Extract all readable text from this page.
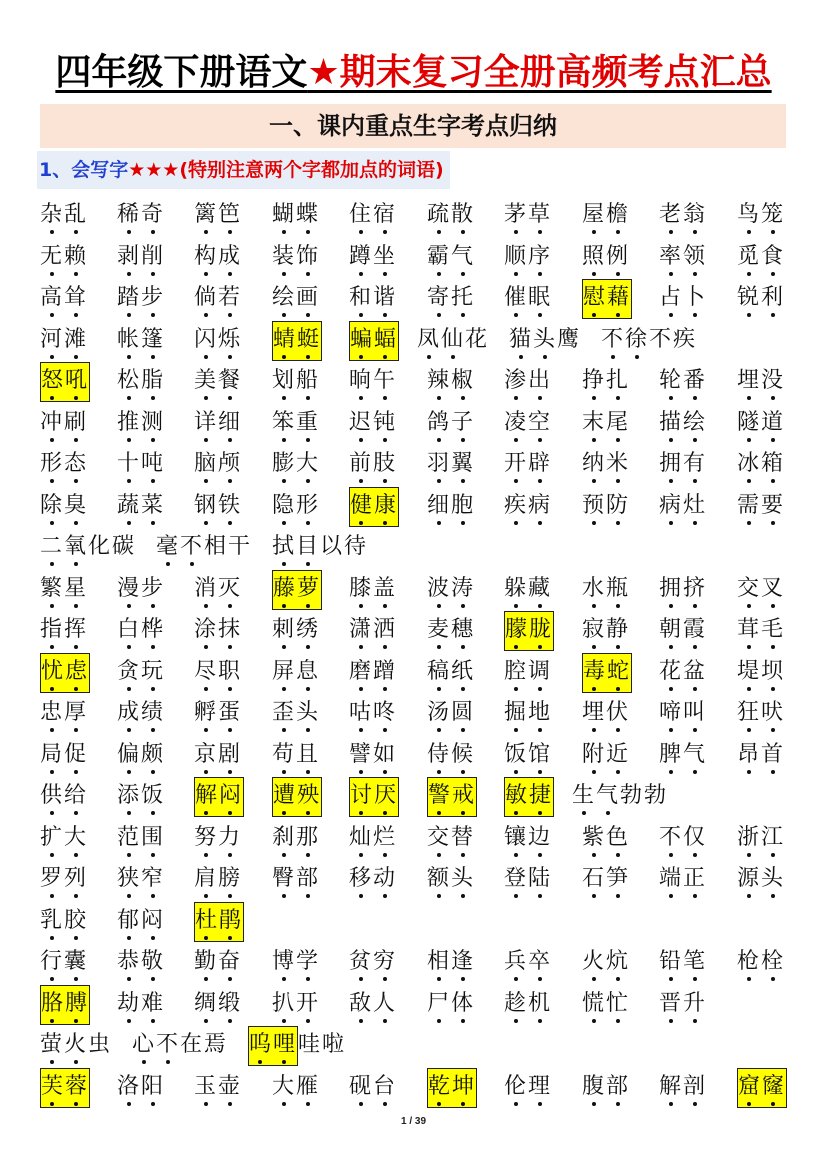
四年级下册语文★期末复习全册高频考点汇总
一、课内重点生字考点归纳
1、会写字★★★(特别注意两个字都加点的词语)
杂乱 稀奇 篱笆 蝴蝶 住宿 疏散 茅草 屋檐 老翁 鸟笼
无赖 剥削 构成 装饰 蹲坐 霸气 顺序 照例 率领 觅食
高耸 踏步 倘若 绘画 和谐 寄托 催眠 慰藉 占卜 锐利
河滩 帐篷 闪烁 蜻蜓 蝙蝠 凤仙花 猫头鹰 不徐不疾
怒吼 松脂 美餐 划船 晌午 辣椒 渗出 挣扎 轮番 埋没
冲刷 推测 详细 笨重 迟钝 鸽子 凌空 末尾 描绘 隧道
形态 十吨 脑颅 膨大 前肢 羽翼 开辟 纳米 拥有 冰箱
除臭 蔬菜 钢铁 隐形 健康 细胞 疾病 预防 病灶 需要
二氧化碳 毫不相干 拭目以待
繁星 漫步 消灭 藤萝 膝盖 波涛 躲藏 水瓶 拥挤 交叉
指挥 白桦 涂抹 刺绣 潇洒 麦穗 朦胧 寂静 朝霞 茸毛
忧虑 贪玩 尽职 屏息 磨蹭 稿纸 腔调 毒蛇 花盆 堤坝
忠厚 成绩 孵蛋 歪头 咕咚 汤圆 掘地 埋伏 啼叫 狂吠
局促 偏颇 京剧 苟且 譬如 侍候 饭馆 附近 脾气 昂首
供给 添饭 解闷 遭殃 讨厌 警戒 敏捷 生气勃勃
扩大 范围 努力 刹那 灿烂 交替 镶边 紫色 不仅 浙江
罗列 狭窄 肩膀 臀部 移动 额头 登陆 石笋 端正 源头
乳胶 郁闷 杜鹃
行囊 恭敬 勤奋 博学 贫穷 相逢 兵卒 火炕 铅笔 枪栓
胳膊 劫难 绸缎 扒开 敌人 尸体 趁机 慌忙 晋升
萤火虫 心不在焉 呜哩哇啦
芙蓉 洛阳 玉壶 大雁 砚台 乾坤 伦理 腹部 解剖 窟窿
1 / 39
